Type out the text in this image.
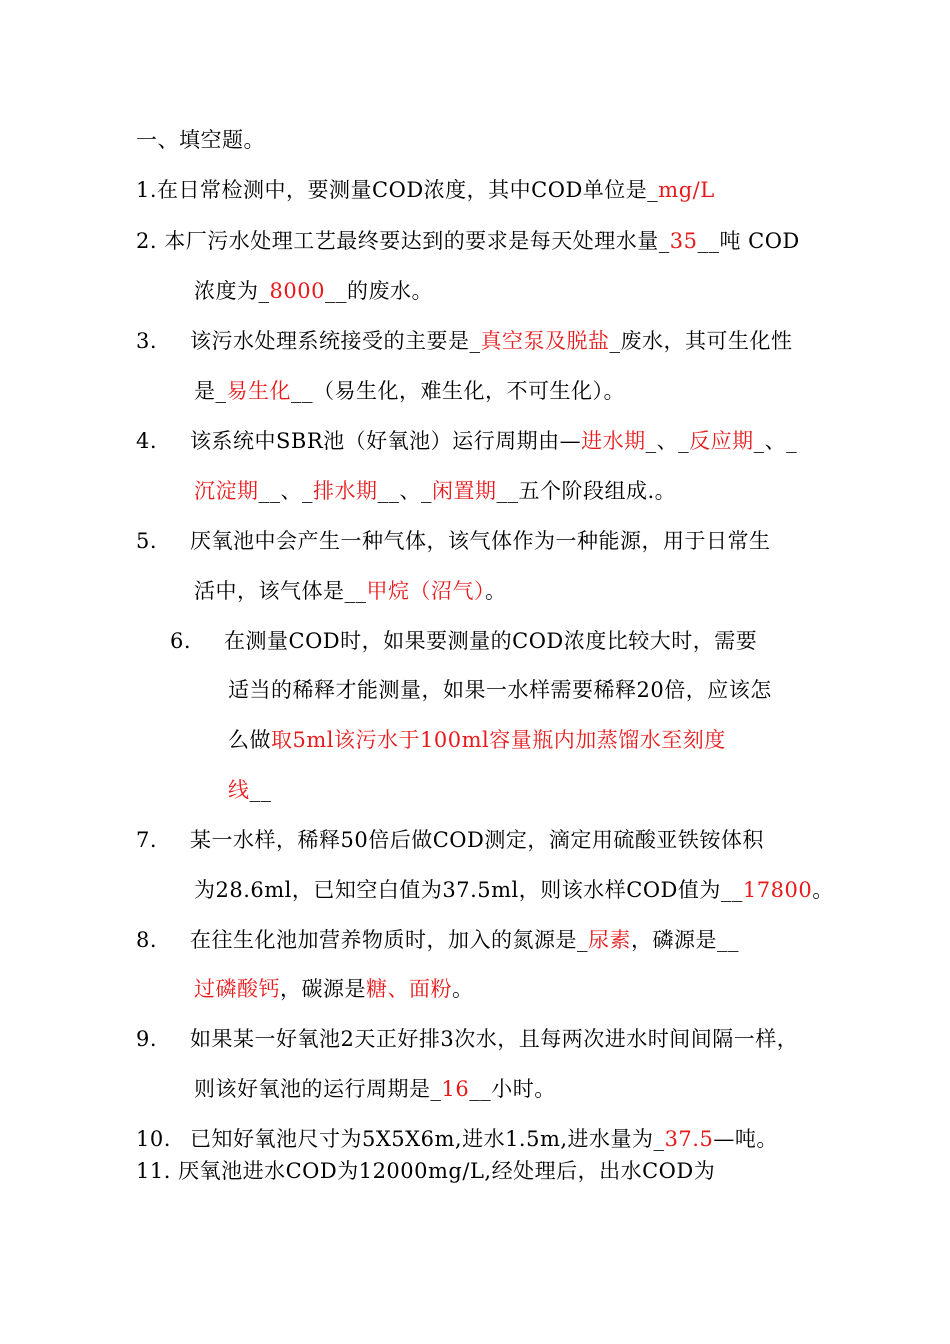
一、填空题。
1.在日常检测中，要测量COD浓度，其中COD单位是_mg/L
2. 本厂污水处理工艺最终要达到的要求是每天处理水量_35__吨 COD
浓度为_8000__的废水。
3. 该污水处理系统接受的主要是_真空泵及脱盐_废水，其可生化性
是_易生化__（易生化，难生化，不可生化）。
4. 该系统中SBR池（好氧池）运行周期由—进水期_、_反应期_、_
沉淀期__、_排水期__、_闲置期__五个阶段组成.。
5. 厌氧池中会产生一种气体，该气体作为一种能源，用于日常生
活中，该气体是__甲烷（沼气）。
6. 在测量COD时，如果要测量的COD浓度比较大时，需要
适当的稀释才能测量，如果一水样需要稀释20倍，应该怎
么做取5ml该污水于100ml容量瓶内加蒸馏水至刻度
线__
7. 某一水样，稀释50倍后做COD测定，滴定用硫酸亚铁铵体积
为28.6ml，已知空白值为37.5ml，则该水样COD值为__17800。
8. 在往生化池加营养物质时，加入的氮源是_尿素，磷源是__
过磷酸钙，碳源是糖、面粉。
9. 如果某一好氧池2天正好排3次水，且每两次进水时间间隔一样，
则该好氧池的运行周期是_16__小时。
10. 已知好氧池尺寸为5X5X6m,进水1.5m,进水量为_37.5—吨。
11. 厌氧池进水COD为12000mg/L,经处理后，出水COD为
